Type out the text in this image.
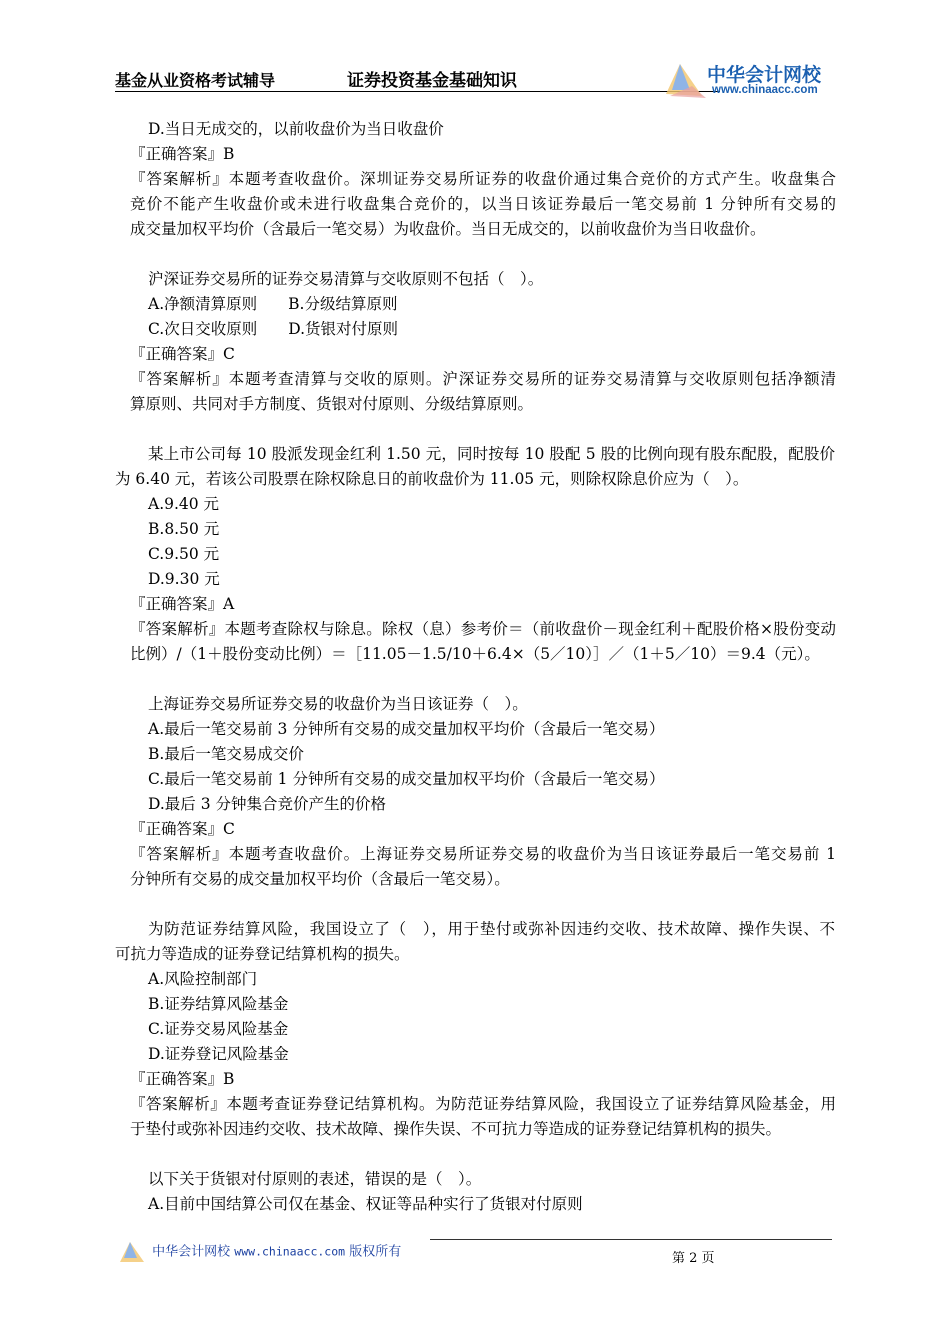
基金从业资格考试辅导	证券投资基金基础知识	中华会计网校
www.chinaacc.com
D.当日无成交的，以前收盘价为当日收盘价
『正确答案』B
『答案解析』本题考查收盘价。深圳证券交易所证券的收盘价通过集合竞价的方式产生。收盘集合
竞价不能产生收盘价或未进行收盘集合竞价的，以当日该证券最后一笔交易前 1 分钟所有交易的
成交量加权平均价（含最后一笔交易）为收盘价。当日无成交的，以前收盘价为当日收盘价。
沪深证券交易所的证券交易清算与交收原则不包括（　）。
A.净额清算原则　　B.分级结算原则
C.次日交收原则　　D.货银对付原则
『正确答案』C
『答案解析』本题考查清算与交收的原则。沪深证券交易所的证券交易清算与交收原则包括净额清
算原则、共同对手方制度、货银对付原则、分级结算原则。
某上市公司每 10 股派发现金红利 1.50 元，同时按每 10 股配 5 股的比例向现有股东配股，配股价
为 6.40 元，若该公司股票在除权除息日的前收盘价为 11.05 元，则除权除息价应为（　）。
A.9.40 元
B.8.50 元
C.9.50 元
D.9.30 元
『正确答案』A
『答案解析』本题考查除权与除息。除权（息）参考价＝（前收盘价－现金红利＋配股价格×股份变动
比例）/（1＋股份变动比例）＝［11.05－1.5/10＋6.4×（5／10）］／（1＋5／10）＝9.4（元）。
上海证券交易所证券交易的收盘价为当日该证券（　）。
A.最后一笔交易前 3 分钟所有交易的成交量加权平均价（含最后一笔交易）
B.最后一笔交易成交价
C.最后一笔交易前 1 分钟所有交易的成交量加权平均价（含最后一笔交易）
D.最后 3 分钟集合竞价产生的价格
『正确答案』C
『答案解析』本题考查收盘价。上海证券交易所证券交易的收盘价为当日该证券最后一笔交易前 1
分钟所有交易的成交量加权平均价（含最后一笔交易）。
为防范证券结算风险，我国设立了（　），用于垫付或弥补因违约交收、技术故障、操作失误、不
可抗力等造成的证券登记结算机构的损失。
A.风险控制部门
B.证券结算风险基金
C.证券交易风险基金
D.证券登记风险基金
『正确答案』B
『答案解析』本题考查证券登记结算机构。为防范证券结算风险，我国设立了证券结算风险基金，用
于垫付或弥补因违约交收、技术故障、操作失误、不可抗力等造成的证券登记结算机构的损失。
以下关于货银对付原则的表述，错误的是（　）。
A.目前中国结算公司仅在基金、权证等品种实行了货银对付原则
中华会计网校 www.chinaacc.com 版权所有	第 2 页
